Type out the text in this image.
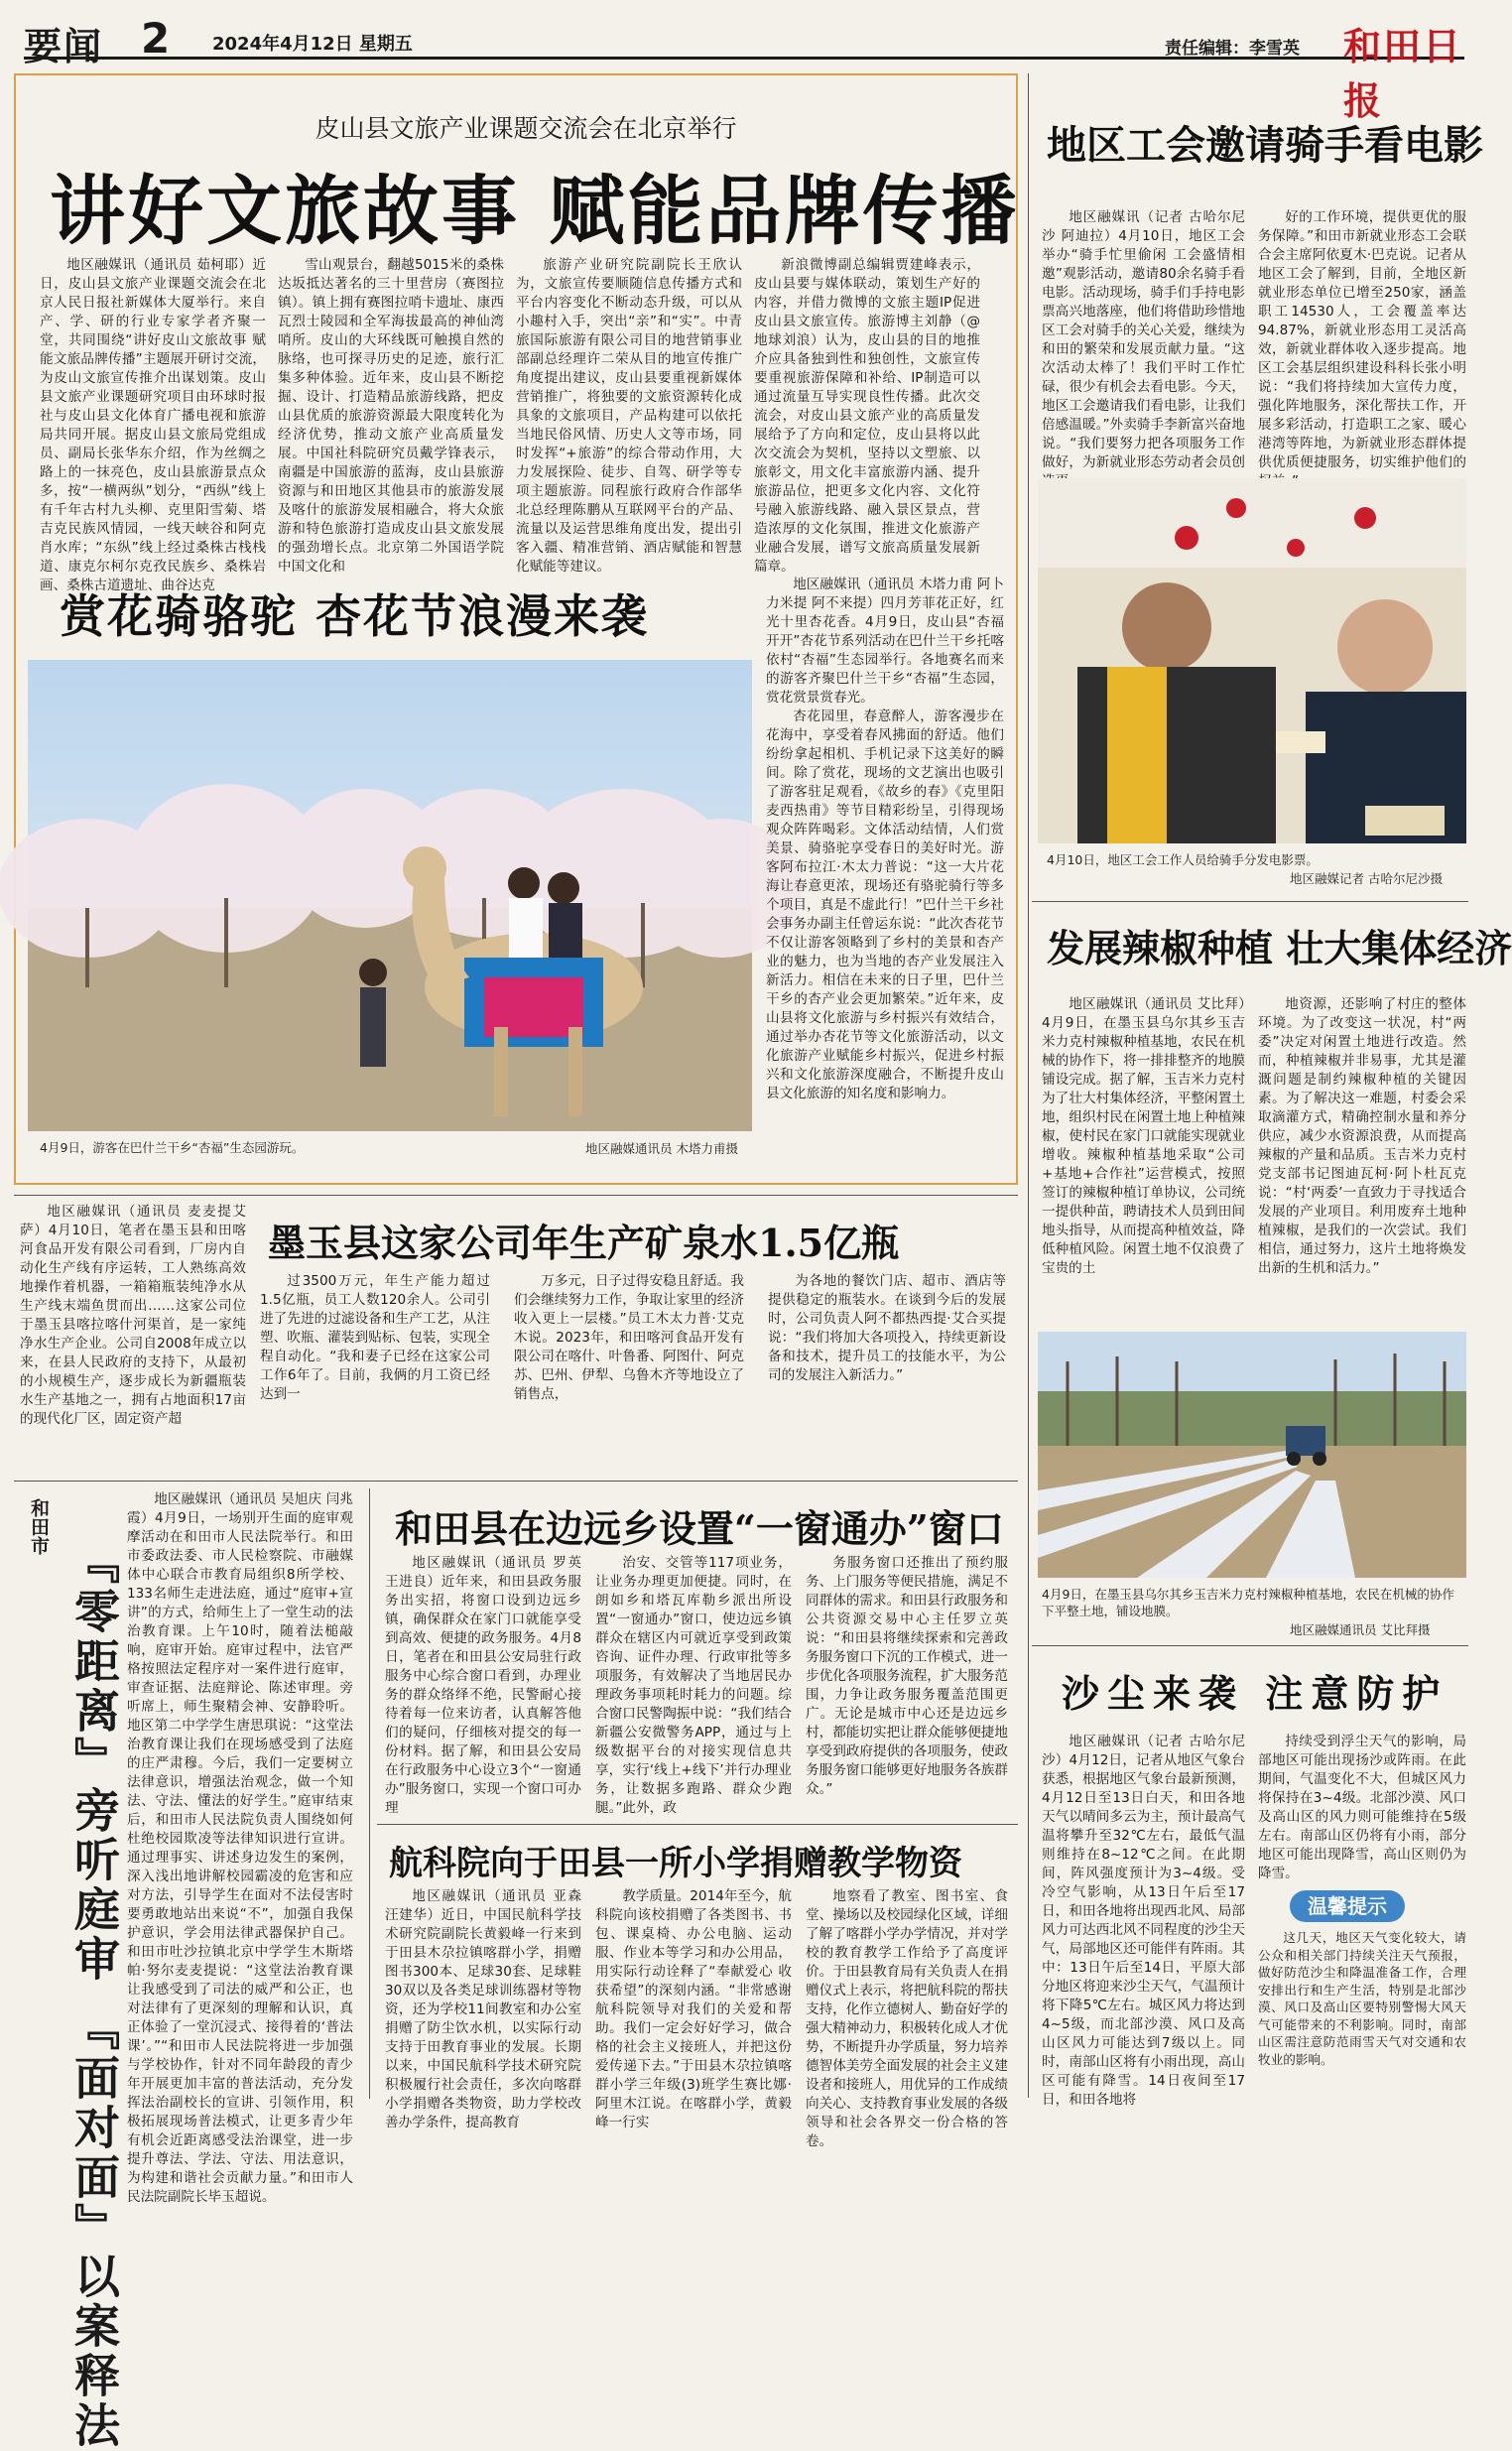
要闻 2 2024年4月12日 星期五	责任编辑：李雪英 和田日报
皮山县文旅产业课题交流会在北京举行
讲好文旅故事 赋能品牌传播

地区融媒讯（通讯员 茹柯耶）近日，皮山县文旅产业课题交流会在北京人民日报社新媒体大厦举行。来自产、学、研的行业专家学者齐聚一堂，共同围绕“讲好皮山文旅故事 赋能文旅品牌传播”主题展开研讨交流，为皮山文旅宣传推介出谋划策。皮山县文旅产业课题研究项目由环球时报社与皮山县文化体育广播电视和旅游局共同开展。据皮山县文旅局党组成员、副局长张华东介绍，作为丝绸之路上的一抹亮色，皮山县旅游景点众多，按“一横两纵”划分，“西纵”线上有千年古村九头柳、克里阳雪菊、塔吉克民族风情园，一线天峡谷和阿克肖水库；“东纵”线上经过桑株古栈栈道、康克尔柯尔克孜民族乡、桑株岩画、桑株古道遗址、曲谷达克

雪山观景台，翻越5015米的桑株达坂抵达著名的三十里营房（赛图拉镇）。镇上拥有赛图拉哨卡遗址、康西瓦烈士陵园和全军海拔最高的神仙湾哨所。皮山的大环线既可触摸自然的脉络，也可探寻历史的足迹，旅行汇集多种体验。近年来，皮山县不断挖掘、设计、打造精品旅游线路，把皮山县优质的旅游资源最大限度转化为经济优势，推动文旅产业高质量发展。中国社科院研究员戴学锋表示，南疆是中国旅游的蓝海，皮山县旅游资源与和田地区其他县市的旅游发展及喀什的旅游发展相融合，将大众旅游和特色旅游打造成皮山县文旅发展的强劲增长点。北京第二外国语学院中国文化和

旅游产业研究院副院长王欣认为，文旅宣传要顺随信息传播方式和平台内容变化不断动态升级，可以从小趣村入手，突出“亲”和“实”。中青旅国际旅游有限公司目的地营销事业部副总经理许二荣从目的地宣传推广角度提出建议，皮山县要重视新媒体营销推广，将独要的文旅资源转化成具象的文旅项目，产品构建可以依托当地民俗风情、历史人文等市场，同时发挥“+旅游”的综合带动作用，大力发展探险、徒步、自驾、研学等专项主题旅游。同程旅行政府合作部华北总经理陈鹏从互联网平台的产品、流量以及运营思维角度出发，提出引客入疆、精准营销、酒店赋能和智慧化赋能等建议。

新浪微博副总编辑贾建峰表示，皮山县要与媒体联动，策划生产好的内容，并借力微博的文旅主题IP促进皮山县文旅宣传。旅游博主刘静（@地球刘浪）认为，皮山县的目的地推介应具备独到性和独创性，文旅宣传要重视旅游保障和补给、IP制造可以通过流量互导实现良性传播。此次交流会，对皮山县文旅产业的高质量发展给予了方向和定位，皮山县将以此次交流会为契机，坚持以文塑旅、以旅彰文，用文化丰富旅游内涵、提升旅游品位，把更多文化内容、文化符号融入旅游线路、融入景区景点，营造浓厚的文化氛围，推进文化旅游产业融合发展，谱写文旅高质量发展新篇章。

赏花骑骆驼 杏花节浪漫来袭
4月9日，游客在巴什兰干乡“杏福”生态园游玩。	地区融媒通讯员 木塔力甫摄

地区融媒讯（通讯员 木塔力甫 阿卜力米提 阿不来提）四月芳菲花正好，红光十里杏花香。4月9日，皮山县“杏福开开”杏花节系列活动在巴什兰干乡托喀依村“杏福”生态园举行。各地赛名而来的游客齐聚巴什兰干乡“杏福”生态园，赏花赏景赏春光。

杏花园里，春意醉人，游客漫步在花海中，享受着春风拂面的舒适。他们纷纷拿起相机、手机记录下这美好的瞬间。除了赏花，现场的文艺演出也吸引了游客驻足观看，《故乡的春》《克里阳麦西热甫》等节目精彩纷呈，引得现场观众阵阵喝彩。文体活动结情，人们赏美景、骑骆驼享受春日的美好时光。游客阿布拉江·木太力普说：“这一大片花海让春意更浓，现场还有骆驼骑行等多个项目，真是不虚此行！”巴什兰干乡社会事务办副主任曾运东说：“此次杏花节不仅让游客领略到了乡村的美景和杏产业的魅力，也为当地的杏产业发展注入新活力。相信在未来的日子里，巴什兰干乡的杏产业会更加繁荣。”近年来，皮山县将文化旅游与乡村振兴有效结合，通过举办杏花节等文化旅游活动，以文化旅游产业赋能乡村振兴，促进乡村振兴和文化旅游深度融合，不断提升皮山县文化旅游的知名度和影响力。

地区融媒讯（通讯员 麦麦提艾萨）4月10日，笔者在墨玉县和田喀河食品开发有限公司看到，厂房内自动化生产线有序运转，工人熟练高效地操作着机器，一箱箱瓶装纯净水从生产线末端鱼贯而出……这家公司位于墨玉县喀拉喀什河渠首，是一家纯净水生产企业。公司自2008年成立以来，在县人民政府的支持下，从最初的小规模生产，逐步成长为新疆瓶装水生产基地之一，拥有占地面积17亩的现代化厂区，固定资产超

墨玉县这家公司年生产矿泉水1.5亿瓶

过3500万元，年生产能力超过1.5亿瓶，员工人数120余人。公司引进了先进的过滤设备和生产工艺，从注塑、吹瓶、灌装到贴标、包装，实现全程自动化。“我和妻子已经在这家公司工作6年了。目前，我俩的月工资已经达到一

万多元，日子过得安稳且舒适。我们会继续努力工作，争取让家里的经济收入更上一层楼。”员工木太力普·艾克木说。2023年，和田喀河食品开发有限公司在喀什、叶鲁番、阿图什、阿克苏、巴州、伊犁、乌鲁木齐等地设立了销售点，

为各地的餐饮门店、超市、酒店等提供稳定的瓶装水。在谈到今后的发展时，公司负责人阿不都热西提·艾合买提说：“我们将加大各项投入，持续更新设备和技术，提升员工的技能水平，为公司的发展注入新活力。”

和田市
『零距离』旁听庭审 『面对面』以案释法

地区融媒讯（通讯员 吴旭庆 闫兆霞）4月9日，一场别开生面的庭审观摩活动在和田市人民法院举行。和田市委政法委、市人民检察院、市融媒体中心联合市教育局组织8所学校、133名师生走进法庭，通过“庭审+宣讲”的方式，给师生上了一堂生动的法治教育课。上午10时，随着法槌敲响，庭审开始。庭审过程中，法官严格按照法定程序对一案件进行庭审，审查证据、法庭辩论、陈述审理。旁听席上，师生聚精会神、安静聆听。地区第二中学学生唐思琪说：“这堂法治教育课让我们在现场感受到了法庭的庄严肃穆。今后，我们一定要树立法律意识，增强法治观念，做一个知法、守法、懂法的好学生。”庭审结束后，和田市人民法院负责人围绕如何杜绝校园欺凌等法律知识进行宣讲。通过理事实、讲述身边发生的案例，深入浅出地讲解校园霸凌的危害和应对方法，引导学生在面对不法侵害时要勇敢地站出来说“不”，加强自我保护意识，学会用法律武器保护自己。和田市吐沙拉镇北京中学学生木斯塔帕·努尔麦麦提说：“这堂法治教育课让我感受到了司法的威严和公正，也对法律有了更深刻的理解和认识，真正体验了一堂沉浸式、接得着的‘普法课’。”“和田市人民法院将进一步加强与学校协作，针对不同年龄段的青少年开展更加丰富的普法活动，充分发挥法治副校长的宣讲、引领作用，积极拓展现场普法模式，让更多青少年有机会近距离感受法治课堂，进一步提升尊法、学法、守法、用法意识，为构建和谐社会贡献力量。”和田市人民法院副院长毕玉超说。

和田县在边远乡设置“一窗通办”窗口

地区融媒讯（通讯员 罗英 王进良）近年来，和田县政务服务出实招，将窗口设到边远乡镇，确保群众在家门口就能享受到高效、便捷的政务服务。4月8日，笔者在和田县公安局驻行政服务中心综合窗口看到，办理业务的群众络绎不绝，民警耐心接待着每一位来访者，认真解答他们的疑问，仔细核对提交的每一份材料。据了解，和田县公安局在行政服务中心设立3个“一窗通办”服务窗口，实现一个窗口可办理

治安、交管等117项业务，让业务办理更加便捷。同时，在朗如乡和塔瓦库勒乡派出所设置“一窗通办”窗口，使边远乡镇群众在辖区内可就近享受到政策咨询、证件办理、行政审批等多项服务，有效解决了当地居民办理政务事项耗时耗力的问题。综合窗口民警陶振中说：“我们结合新疆公安微警务APP，通过与上级数据平台的对接实现信息共享，实行‘线上+线下’并行办理业务，让数据多跑路、群众少跑腿。”此外，政

务服务窗口还推出了预约服务、上门服务等便民措施，满足不同群体的需求。和田县行政服务和公共资源交易中心主任罗立英说：“和田县将继续探索和完善政务服务窗口下沉的工作模式，进一步优化各项服务流程，扩大服务范围，力争让政务服务覆盖范围更广。无论是城市中心还是边远乡村，都能切实把让群众能够便捷地享受到政府提供的各项服务，使政务服务窗口能够更好地服务各族群众。”

航科院向于田县一所小学捐赠教学物资

地区融媒讯（通讯员 亚森 汪建华）近日，中国民航科学技术研究院副院长黄毅峰一行来到于田县木尕拉镇喀群小学，捐赠图书300本、足球30套、足球鞋30双以及各类足球训练器材等物资，还为学校11间教室和办公室捐赠了防尘饮水机，以实际行动支持于田教育事业的发展。长期以来，中国民航科学技术研究院积极履行社会责任，多次向喀群小学捐赠各类物资，助力学校改善办学条件，提高教育

教学质量。2014年至今，航科院向该校捐赠了各类图书、书包、课桌椅、办公电脑、运动服、作业本等学习和办公用品，用实际行动诠释了“奉献爱心 收获希望”的深刻内涵。“非常感谢航科院领导对我们的关爱和帮助。我们一定会好好学习，做合格的社会主义接班人，并把这份爱传递下去。”于田县木尕拉镇喀群小学三年级(3)班学生赛比娜·阿里木江说。在喀群小学，黄毅峰一行实

地察看了教室、图书室、食堂、操场以及校园绿化区域，详细了解了喀群小学办学情况，并对学校的教育教学工作给予了高度评价。于田县教育局有关负责人在捐赠仪式上表示，将把航科院的帮扶支持，化作立德树人、勤奋好学的强大精神动力，积极转化成人才优势，不断提升办学质量，努力培养德智体美劳全面发展的社会主义建设者和接班人，用优异的工作成绩向关心、支持教育事业发展的各级领导和社会各界交一份合格的答卷。

地区工会邀请骑手看电影

地区融媒讯（记者 古哈尔尼沙 阿迪拉）4月10日，地区工会举办“骑手忙里偷闲 工会盛情相邀”观影活动，邀请80余名骑手看电影。活动现场，骑手们手持电影票高兴地落座，他们将借助珍惜地区工会对骑手的关心关爱，继续为和田的繁荣和发展贡献力量。“这次活动太棒了！我们平时工作忙碌，很少有机会去看电影。今天，地区工会邀请我们看电影，让我们倍感温暖。”外卖骑手李新富兴奋地说。“我们要努力把各项服务工作做好，为新就业形态劳动者会员创

好的工作环境，提供更优的服务保障。”和田市新就业形态工会联合会主席阿依夏木·巴克说。记者从地区工会了解到，目前，全地区新就业形态单位已增至250家，涵盖职工14530人，工会覆盖率达94.87%，新就业形态用工灵活高效，新就业群体收入逐步提高。地区工会基层组织建设科科长张小明说：“我们将持续加大宣传力度，强化阵地服务，深化帮扶工作，开展多彩活动，打造职工之家、暖心港湾等阵地，为新就业形态群体提供优质便捷服务，切实维护他们的

4月10日，地区工会工作人员给骑手分发电影票。
地区融媒记者 古哈尔尼沙摄
发展辣椒种植 壮大集体经济

地区融媒讯（通讯员 艾比拜）4月9日，在墨玉县乌尔其乡玉吉米力克村辣椒种植基地，农民在机械的协作下，将一排排整齐的地膜铺设完成。据了解，玉吉米力克村为了壮大村集体经济，平整闲置土地，组织村民在闲置土地上种植辣椒，使村民在家门口就能实现就业增收。辣椒种植基地采取“公司+基地+合作社”运营模式，按照签订的辣椒种植订单协议，公司统一提供种苗，聘请技术人员到田间地头指导，从而提高种植效益，降低种植风险。闲置土地不仅浪费了宝贵的土

地资源，还影响了村庄的整体环境。为了改变这一状况，村“两委”决定对闲置土地进行改造。然而，种植辣椒并非易事，尤其是灌溉问题是制约辣椒种植的关键因素。为了解决这一难题，村委会采取滴灌方式，精确控制水量和养分供应，减少水资源浪费，从而提高辣椒的产量和品质。玉吉米力克村党支部书记图迪瓦柯·阿卜杜瓦克说：“村‘两委’一直致力于寻找适合发展的产业项目。利用废弃土地种植辣椒，是我们的一次尝试。我们相信，通过努力，这片土地将焕发出新的生机和活力。”

4月9日，在墨玉县乌尔其乡玉吉米力克村辣椒种植基地，农民在机械的协作下平整土地，铺设地膜。
地区融媒通讯员 艾比拜摄
沙尘来袭 注意防护

地区融媒讯（记者 古哈尔尼沙）4月12日，记者从地区气象台获悉，根据地区气象台最新预测，4月12日至13日白天，和田各地天气以晴间多云为主，预计最高气温将攀升至32℃左右，最低气温则维持在8~12℃之间。在此期间，阵风强度预计为3~4级。受冷空气影响，从13日午后至17日，和田各地将出现西北风、局部风力可达西北风不同程度的沙尘天气，局部地区还可能伴有阵雨。其中：13日午后至14日，平原大部分地区将迎来沙尘天气，气温预计将下降5℃左右。城区风力将达到4~5级，而北部沙漠、风口及高山区风力可能达到7级以上。同时，南部山区将有小雨出现，高山区可能有降雪。14日夜间至17日，和田各地将

持续受到浮尘天气的影响，局部地区可能出现扬沙或阵雨。在此期间，气温变化不大，但城区风力将保持在3~4级。北部沙漠、风口及高山区的风力则可能维持在5级左右。南部山区仍将有小雨，部分地区可能出现降雪，高山区则仍为降雪。

温馨提示

这几天，地区天气变化较大，请公众和相关部门持续关注天气预报，做好防范沙尘和降温准备工作，合理安排出行和生产生活，特别是北部沙漠、风口及高山区要特别警惕大风天气可能带来的不利影响。同时，南部山区需注意防范雨雪天气对交通和农牧业的影响。
